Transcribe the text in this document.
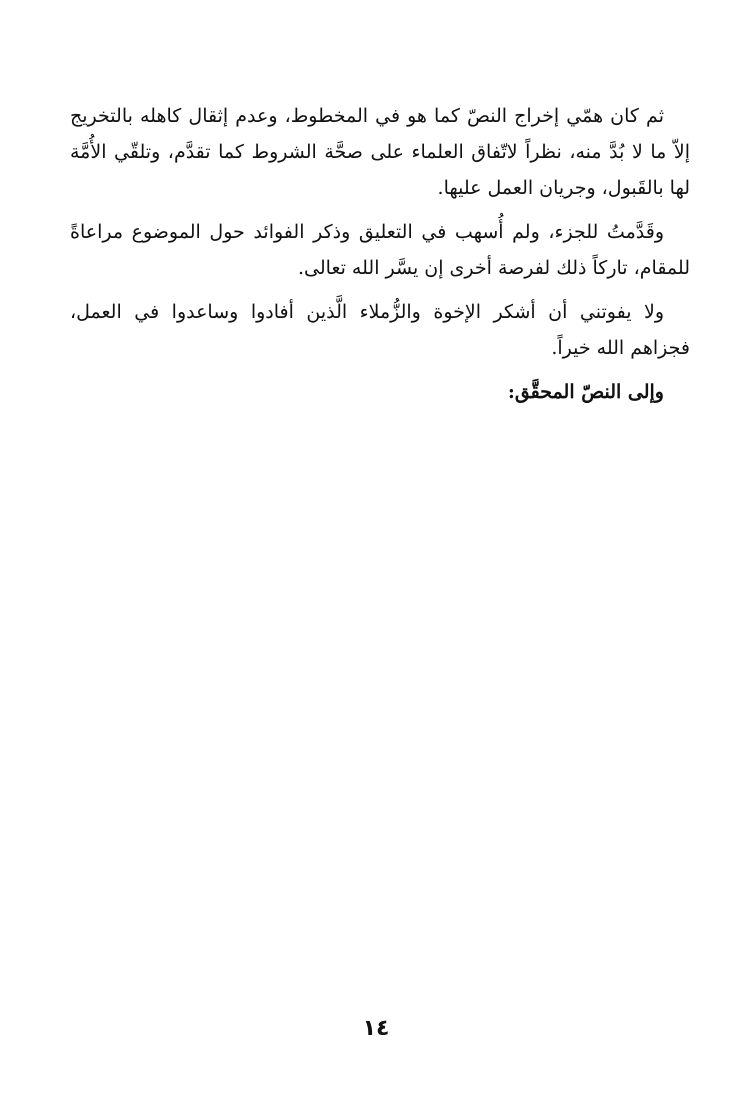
ثم كان همّي إخراج النصّ كما هو في المخطوط، وعدم إثقال كاهله بالتخريج إلاّ ما لا بُدَّ منه، نظراً لاتّفاق العلماء على صحَّة الشروط كما تقدَّم، وتلقّي الأُمَّة لها بالقَبول، وجريان العمل عليها.

وقَدَّمتُ للجزء، ولم أُسهب في التعليق وذكر الفوائد حول الموضوع مراعاةً للمقام، تاركاً ذلك لفرصة أخرى إن يسَّر الله تعالى.

ولا يفوتني أن أشكر الإخوة والزُّملاء الَّذين أفادوا وساعدوا في العمل، فجزاهم الله خيراً.

وإلى النصّ المحقَّق:

١٤
